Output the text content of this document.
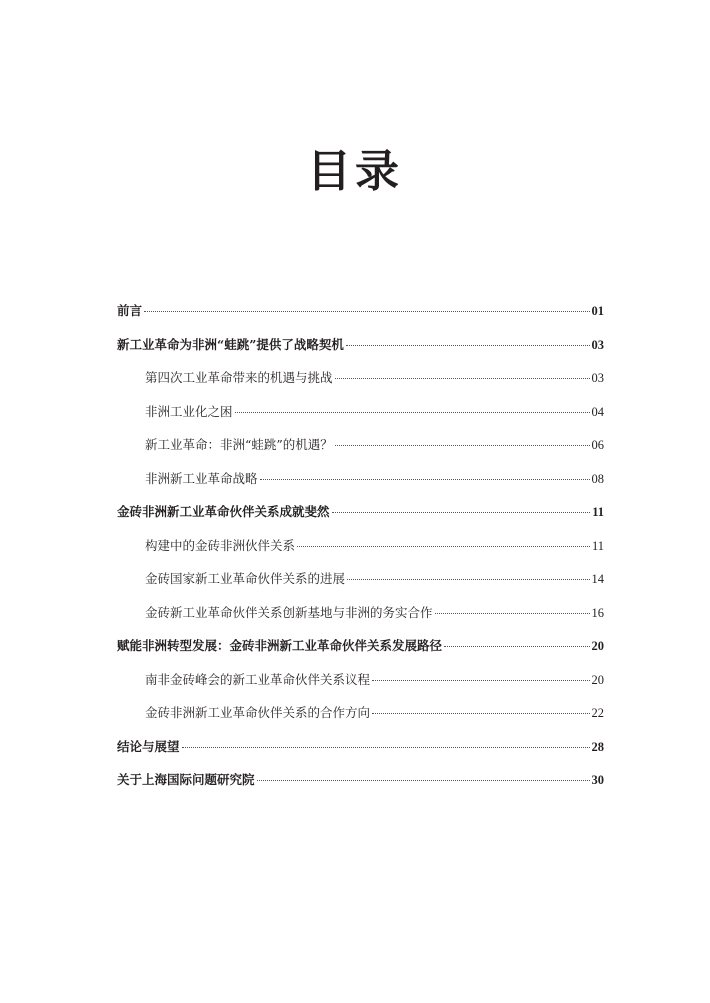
目录
前言	01
新工业革命为非洲“蛙跳”提供了战略契机	03
第四次工业革命带来的机遇与挑战	03
非洲工业化之困	04
新工业革命：非洲“蛙跳”的机遇？	06
非洲新工业革命战略	08
金砖非洲新工业革命伙伴关系成就斐然	11
构建中的金砖非洲伙伴关系	11
金砖国家新工业革命伙伴关系的进展	14
金砖新工业革命伙伴关系创新基地与非洲的务实合作	16
赋能非洲转型发展：金砖非洲新工业革命伙伴关系发展路径	20
南非金砖峰会的新工业革命伙伴关系议程	20
金砖非洲新工业革命伙伴关系的合作方向	22
结论与展望	28
关于上海国际问题研究院	30
